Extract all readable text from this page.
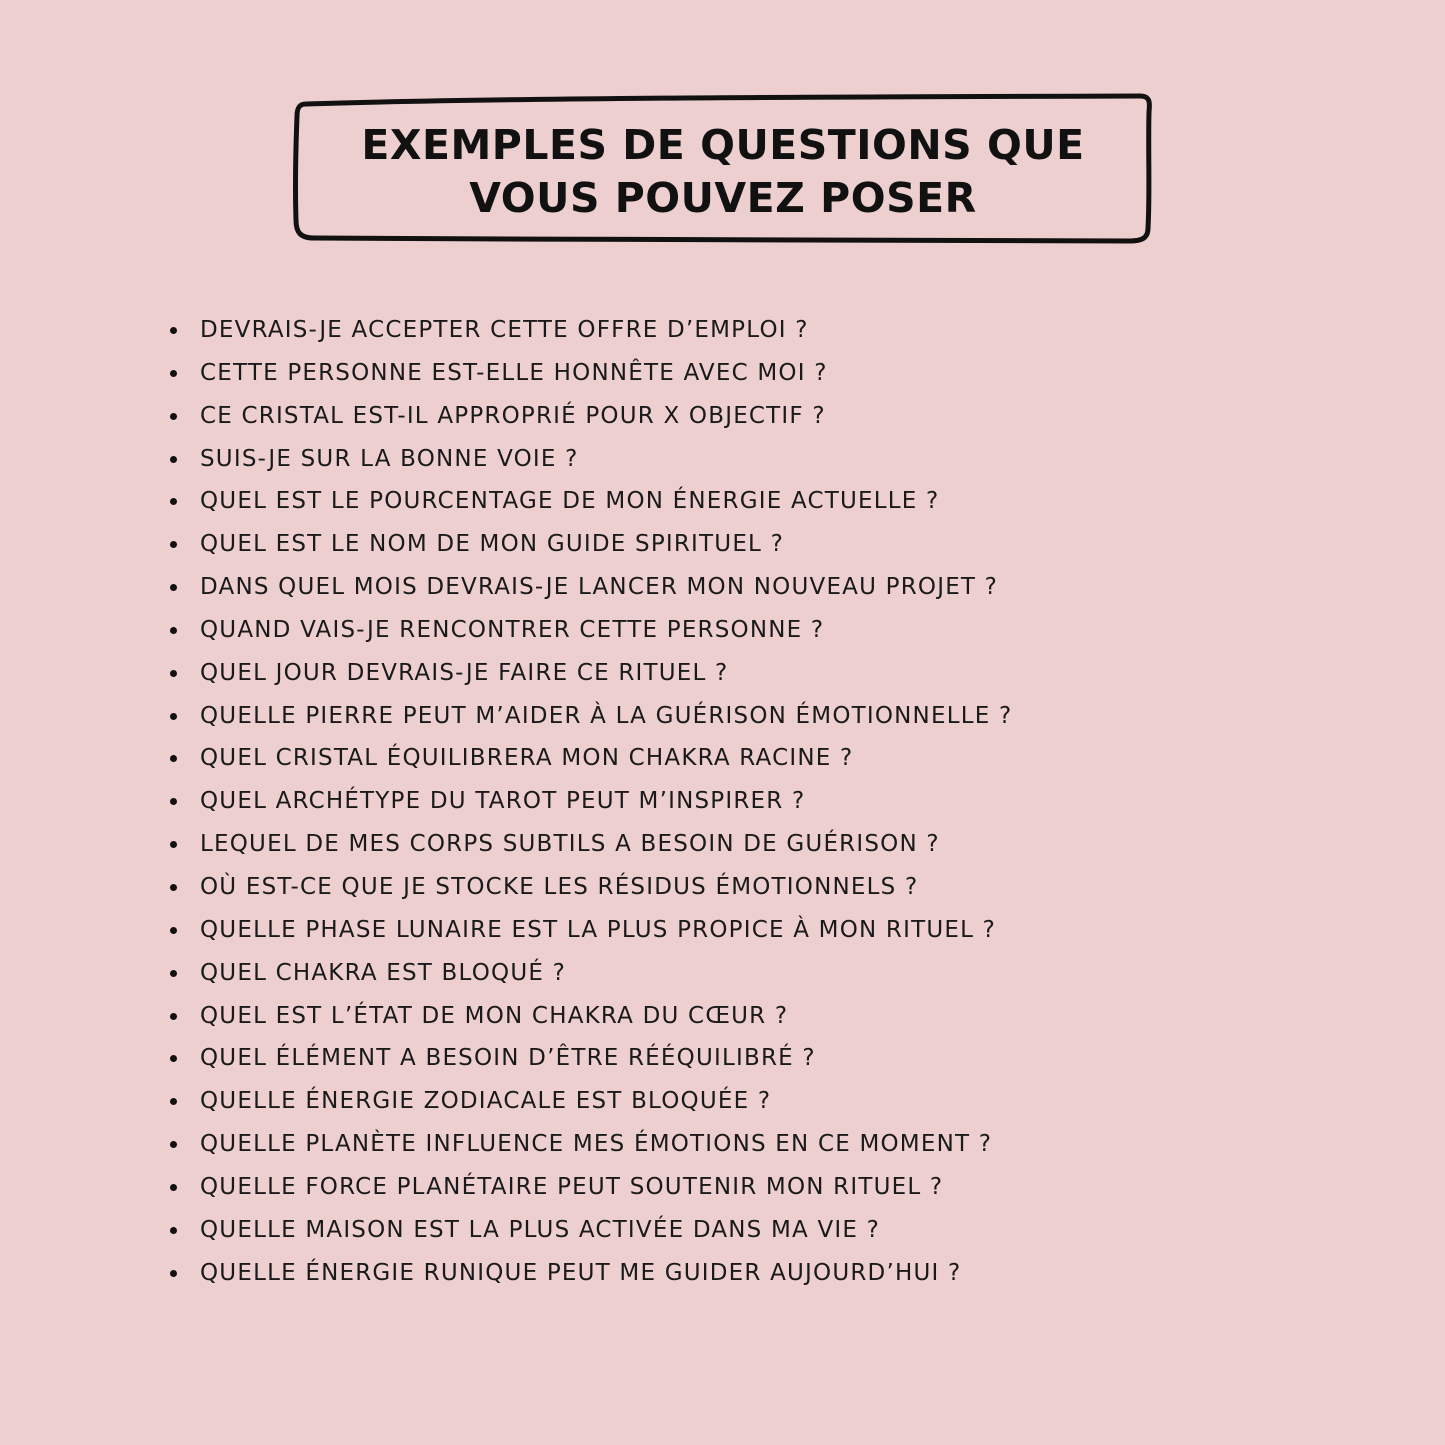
EXEMPLES DE QUESTIONS QUE
VOUS POUVEZ POSER
DEVRAIS-JE ACCEPTER CETTE OFFRE D’EMPLOI ?
CETTE PERSONNE EST-ELLE HONNÊTE AVEC MOI ?
CE CRISTAL EST-IL APPROPRIÉ POUR X OBJECTIF ?
SUIS-JE SUR LA BONNE VOIE ?
QUEL EST LE POURCENTAGE DE MON ÉNERGIE ACTUELLE ?
QUEL EST LE NOM DE MON GUIDE SPIRITUEL ?
DANS QUEL MOIS DEVRAIS-JE LANCER MON NOUVEAU PROJET ?
QUAND VAIS-JE RENCONTRER CETTE PERSONNE ?
QUEL JOUR DEVRAIS-JE FAIRE CE RITUEL ?
QUELLE PIERRE PEUT M’AIDER À LA GUÉRISON ÉMOTIONNELLE ?
QUEL CRISTAL ÉQUILIBRERA MON CHAKRA RACINE ?
QUEL ARCHÉTYPE DU TAROT PEUT M’INSPIRER ?
LEQUEL DE MES CORPS SUBTILS A BESOIN DE GUÉRISON ?
OÙ EST-CE QUE JE STOCKE LES RÉSIDUS ÉMOTIONNELS ?
QUELLE PHASE LUNAIRE EST LA PLUS PROPICE À MON RITUEL ?
QUEL CHAKRA EST BLOQUÉ ?
QUEL EST L’ÉTAT DE MON CHAKRA DU CŒUR ?
QUEL ÉLÉMENT A BESOIN D’ÊTRE RÉÉQUILIBRÉ ?
QUELLE ÉNERGIE ZODIACALE EST BLOQUÉE ?
QUELLE PLANÈTE INFLUENCE MES ÉMOTIONS EN CE MOMENT ?
QUELLE FORCE PLANÉTAIRE PEUT SOUTENIR MON RITUEL ?
QUELLE MAISON EST LA PLUS ACTIVÉE DANS MA VIE ?
QUELLE ÉNERGIE RUNIQUE PEUT ME GUIDER AUJOURD’HUI ?
